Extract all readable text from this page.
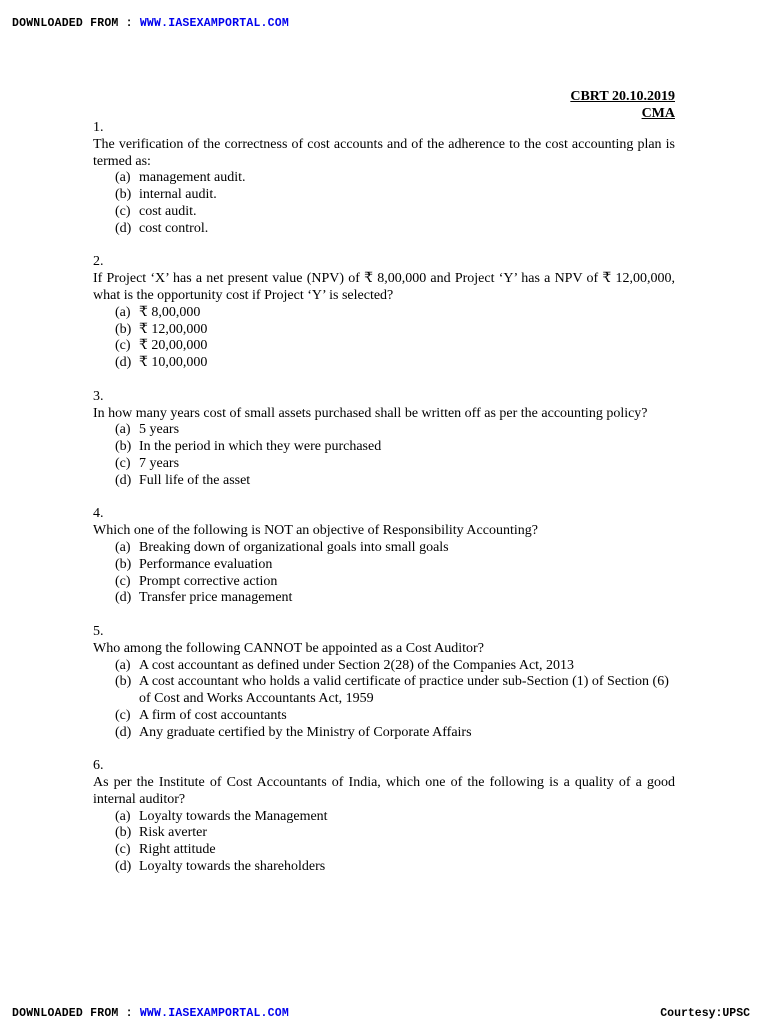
DOWNLOADED FROM : WWW.IASEXAMPORTAL.COM
CBRT 20.10.2019
CMA
1.
The verification of the correctness of cost accounts and of the adherence to the cost accounting plan is termed as:
(a) management audit.
(b) internal audit.
(c) cost audit.
(d) cost control.
2.
If Project ‘X’ has a net present value (NPV) of ₹ 8,00,000 and Project ‘Y’ has a NPV of ₹ 12,00,000, what is the opportunity cost if Project ‘Y’ is selected?
(a) ₹ 8,00,000
(b) ₹ 12,00,000
(c) ₹ 20,00,000
(d) ₹ 10,00,000
3.
In how many years cost of small assets purchased shall be written off as per the accounting policy?
(a) 5 years
(b) In the period in which they were purchased
(c) 7 years
(d) Full life of the asset
4.
Which one of the following is NOT an objective of Responsibility Accounting?
(a) Breaking down of organizational goals into small goals
(b) Performance evaluation
(c) Prompt corrective action
(d) Transfer price management
5.
Who among the following CANNOT be appointed as a Cost Auditor?
(a) A cost accountant as defined under Section 2(28) of the Companies Act, 2013
(b) A cost accountant who holds a valid certificate of practice under sub-Section (1) of Section (6) of Cost and Works Accountants Act, 1959
(c) A firm of cost accountants
(d) Any graduate certified by the Ministry of Corporate Affairs
6.
As per the Institute of Cost Accountants of India, which one of the following is a quality of a good internal auditor?
(a) Loyalty towards the Management
(b) Risk averter
(c) Right attitude
(d) Loyalty towards the shareholders
DOWNLOADED FROM : WWW.IASEXAMPORTAL.COM	Courtesy:UPSC
